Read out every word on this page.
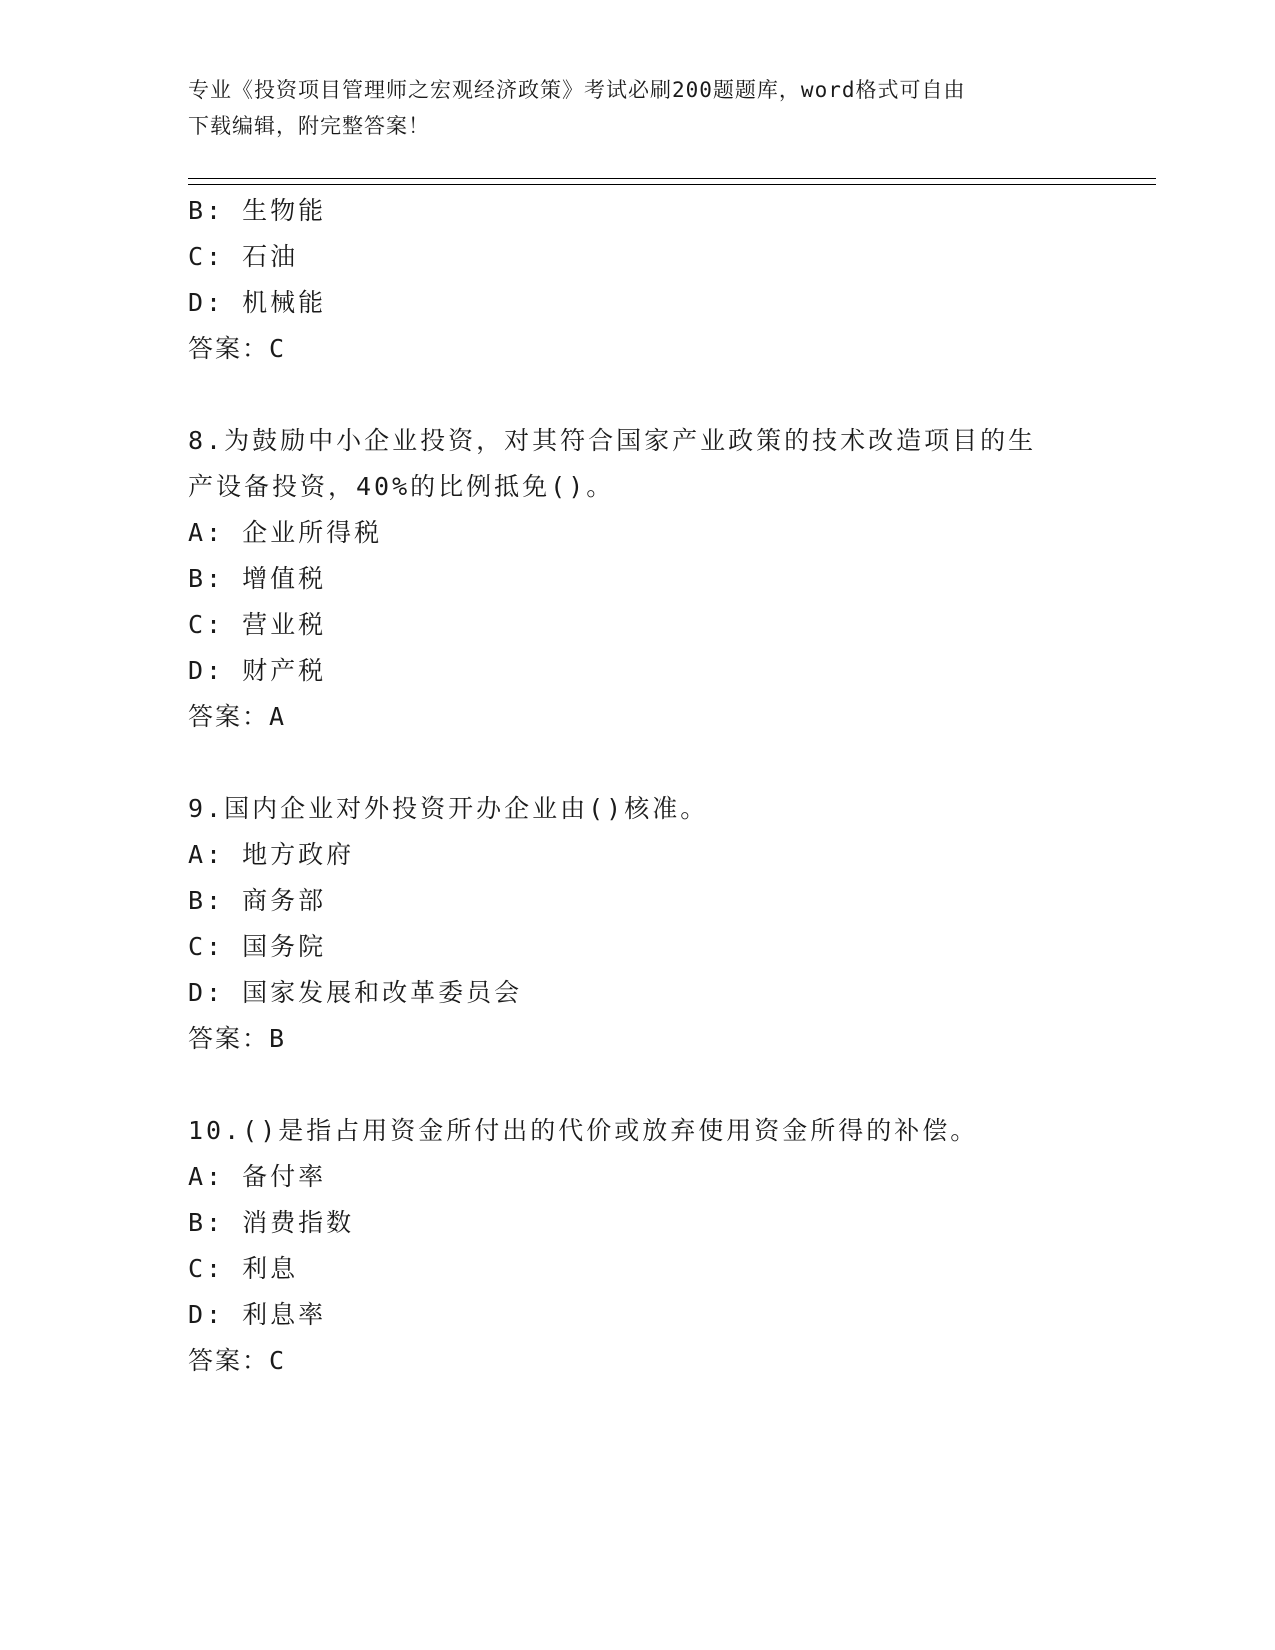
专业《投资项目管理师之宏观经济政策》考试必刷200题题库，word格式可自由
下载编辑，附完整答案！
B: 生物能
C: 石油
D: 机械能
答案：C
8.为鼓励中小企业投资，对其符合国家产业政策的技术改造项目的生
产设备投资，40%的比例抵免()。
A: 企业所得税
B: 增值税
C: 营业税
D: 财产税
答案：A
9.国内企业对外投资开办企业由()核准。
A: 地方政府
B: 商务部
C: 国务院
D: 国家发展和改革委员会
答案：B
10.()是指占用资金所付出的代价或放弃使用资金所得的补偿。
A: 备付率
B: 消费指数
C: 利息
D: 利息率
答案：C
